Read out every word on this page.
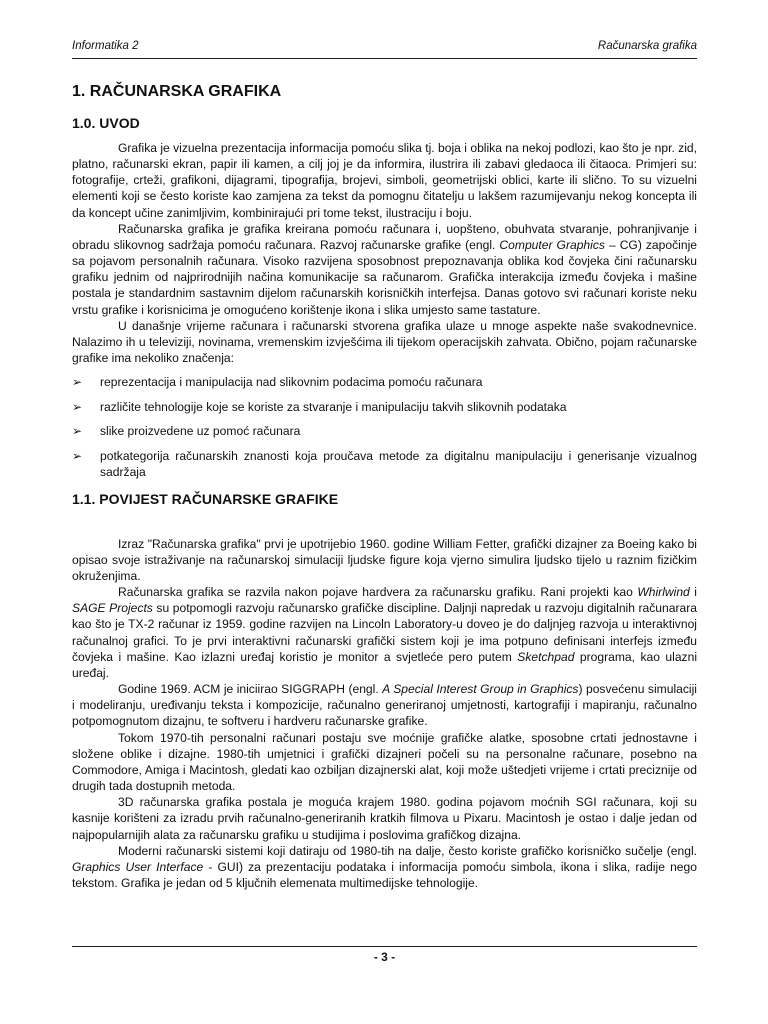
Informatika 2	Računarska grafika
1. RAČUNARSKA GRAFIKA
1.0. UVOD

Grafika je vizuelna prezentacija informacija pomoću slika tj. boja i oblika na nekoj podlozi, kao što je npr. zid, platno, računarski ekran, papir ili kamen, a cilj joj je da informira, ilustrira ili zabavi gledaoca ili čitaoca. Primjeri su: fotografije, crteži, grafikoni, dijagrami, tipografija, brojevi, simboli, geometrijski oblici, karte ili slično. To su vizuelni elementi koji se često koriste kao zamjena za tekst da pomognu čitatelju u lakšem razumijevanju nekog koncepta ili da koncept učine zanimljivim, kombinirajući pri tome tekst, ilustraciju i boju.

Računarska grafika je grafika kreirana pomoću računara i, uopšteno, obuhvata stvaranje, pohranjivanje i obradu slikovnog sadržaja pomoću računara. Razvoj računarske grafike (engl. Computer Graphics – CG) započinje sa pojavom personalnih računara. Visoko razvijena sposobnost prepoznavanja oblika kod čovjeka čini računarsku grafiku jednim od najprirodnijih načina komunikacije sa računarom. Grafička interakcija između čovjeka i mašine postala je standardnim sastavnim dijelom računarskih korisničkih interfejsa. Danas gotovo svi računari koriste neku vrstu grafike i korisnicima je omogućeno korištenje ikona i slika umjesto same tastature.

U današnje vrijeme računara i računarski stvorena grafika ulaze u mnoge aspekte naše svakodnevnice. Nalazimo ih u televiziji, novinama, vremenskim izvješćima ili tijekom operacijskih zahvata. Obično, pojam računarske grafike ima nekoliko značenja:

➢	reprezentacija i manipulacija nad slikovnim podacima pomoću računara
➢	različite tehnologije koje se koriste za stvaranje i manipulaciju takvih slikovnih podataka
➢	slike proizvedene uz pomoć računara
➢	potkategorija računarskih znanosti koja proučava metode za digitalnu manipulaciju i generisanje vizualnog sadržaja
1.1. POVIJEST RAČUNARSKE GRAFIKE

Izraz "Računarska grafika" prvi je upotrijebio 1960. godine William Fetter, grafički dizajner za Boeing kako bi opisao svoje istraživanje na računarskoj simulaciji ljudske figure koja vjerno simulira ljudsko tijelo u raznim fizičkim okruženjima.

Računarska grafika se razvila nakon pojave hardvera za računarsku grafiku. Rani projekti kao Whirlwind i SAGE Projects su potpomogli razvoju računarsko grafičke discipline. Daljnji napredak u razvoju digitalnih računarara kao što je TX-2 računar iz 1959. godine razvijen na Lincoln Laboratory-u doveo je do daljnjeg razvoja u interaktivnoj računalnoj grafici. To je prvi interaktivni računarski grafički sistem koji je ima potpuno definisani interfejs između čovjeka i mašine. Kao izlazni uređaj koristio je monitor a svjetleće pero putem Sketchpad programa, kao ulazni uređaj.

Godine 1969. ACM je iniciirao SIGGRAPH (engl. A Special Interest Group in Graphics) posvećenu simulaciji i modeliranju, uređivanju teksta i kompozicije, računalno generiranoj umjetnosti, kartografiji i mapiranju, računalno potpomognutom dizajnu, te softveru i hardveru računarske grafike.

Tokom 1970-tih personalni računari postaju sve moćnije grafičke alatke, sposobne crtati jednostavne i složene oblike i dizajne. 1980-tih umjetnici i grafički dizajneri počeli su na personalne računare, posebno na Commodore, Amiga i Macintosh, gledati kao ozbiljan dizajnerski alat, koji može uštedjeti vrijeme i crtati preciznije od drugih tada dostupnih metoda.

3D računarska grafika postala je moguća krajem 1980. godina pojavom moćnih SGI računara, koji su kasnije korišteni za izradu prvih računalno-generiranih kratkih filmova u Pixaru. Macintosh je ostao i dalje jedan od najpopularnijih alata za računarsku grafiku u studijima i poslovima grafičkog dizajna.

Moderni računarski sistemi koji datiraju od 1980-tih na dalje, često koriste grafičko korisničko sučelje (engl. Graphics User Interface - GUI) za prezentaciju podataka i informacija pomoću simbola, ikona i slika, radije nego tekstom. Grafika je jedan od 5 ključnih elemenata multimedijske tehnologije.

- 3 -
